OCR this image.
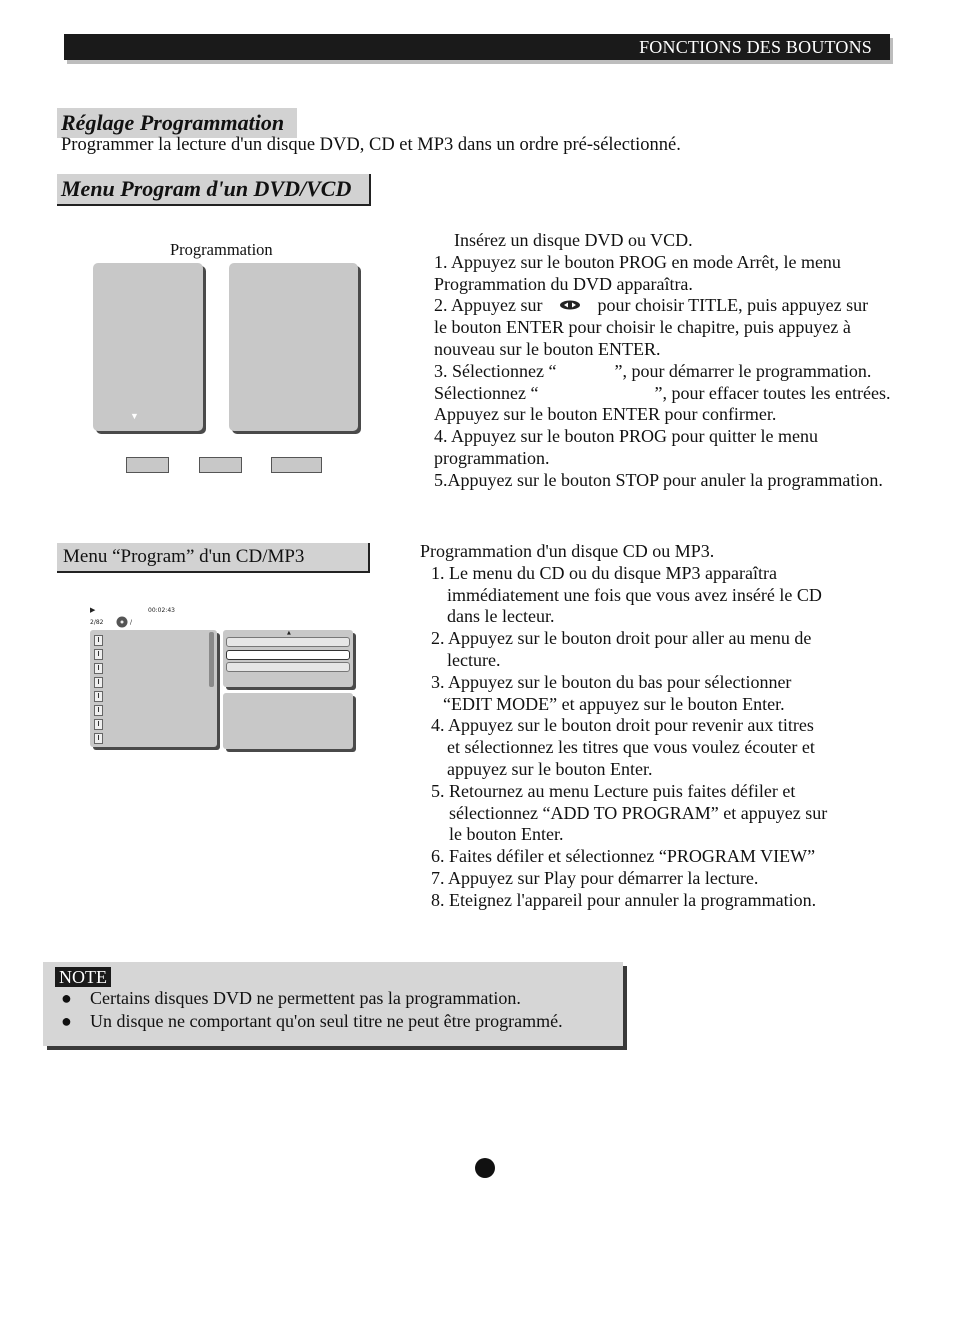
FONCTIONS DES BOUTONS
Réglage Programmation
Programmer la lecture d'un disque DVD, CD et MP3 dans un ordre pré-sélectionné.
Menu Program d'un DVD/VCD
Programmation
▼

Insérez un disque DVD ou VCD.

1. Appuyez sur le bouton PROG en mode Arrêt, le menu

Programmation du DVD apparaîtra.

2. Appuyez sur	pour choisir TITLE, puis appuyez sur

le bouton ENTER pour choisir le chapitre, puis appuyez à

nouveau sur le bouton ENTER.

3. Sélectionnez “	”, pour démarrer le programmation.

Sélectionnez “	”, pour effacer toutes les entrées.

Appuyez sur le bouton ENTER pour confirmer.

4. Appuyez sur le bouton PROG pour quitter le menu

programmation.

5.Appuyez sur le bouton STOP pour anuler la programmation.

Menu “Program” d'un CD/MP3
▶	00:02:43
2/82	/
▲

Programmation d'un disque CD ou MP3.

1. Le menu du CD ou du disque MP3 apparaîtra

immédiatement une fois que vous avez inséré le CD

dans le lecteur.

2. Appuyez sur le bouton droit pour aller au menu de

lecture.

3. Appuyez sur le bouton du bas pour sélectionner

“EDIT MODE” et appuyez sur le bouton Enter.

4. Appuyez sur le bouton droit pour revenir aux titres

et sélectionnez les titres que vous voulez écouter et

appuyez sur le bouton Enter.

5. Retournez au menu Lecture puis faites défiler et

sélectionnez “ADD TO PROGRAM” et appuyez sur

le bouton Enter.

6. Faites défiler et sélectionnez “PROGRAM VIEW”

7. Appuyez sur Play pour démarrer la lecture.

8. Eteignez l'appareil pour annuler la programmation.

NOTE
● Certains disques DVD ne permettent pas la programmation.
● Un disque ne comportant qu'on seul titre ne peut être programmé.
